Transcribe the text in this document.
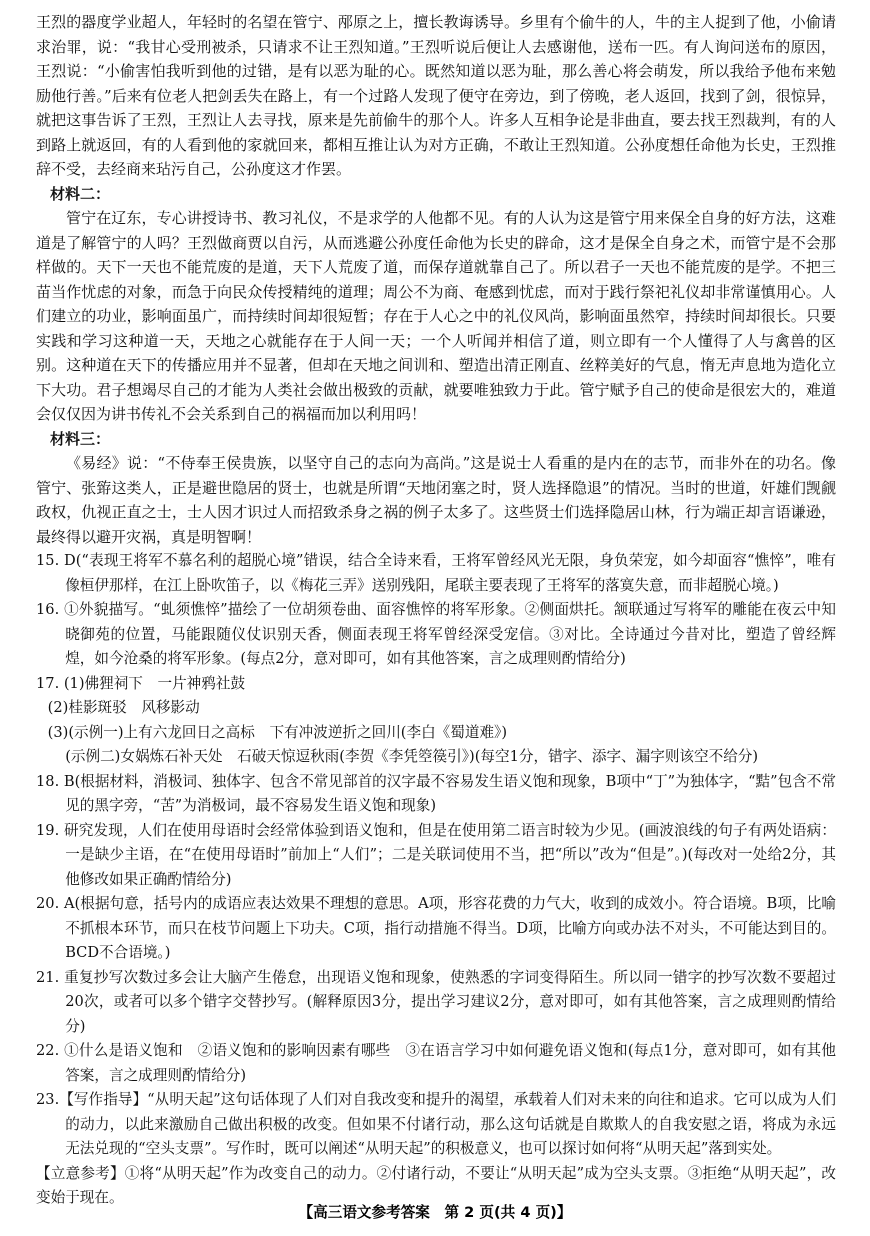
王烈的器度学业超人，年轻时的名望在管宁、邴原之上，擅长教诲诱导。乡里有个偷牛的人，牛的主人捉到了他，小偷请求治罪，说：“我甘心受刑被杀，只请求不让王烈知道。”王烈听说后便让人去感谢他，送布一匹。有人询问送布的原因，王烈说：“小偷害怕我听到他的过错，是有以恶为耻的心。既然知道以恶为耻，那么善心将会萌发，所以我给予他布来勉励他行善。”后来有位老人把剑丢失在路上，有一个过路人发现了便守在旁边，到了傍晚，老人返回，找到了剑，很惊异，就把这事告诉了王烈，王烈让人去寻找，原来是先前偷牛的那个人。许多人互相争论是非曲直，要去找王烈裁判，有的人到路上就返回，有的人看到他的家就回来，都相互推让认为对方正确，不敢让王烈知道。公孙度想任命他为长史，王烈推辞不受，去经商来玷污自己，公孙度这才作罢。

材料二：

管宁在辽东，专心讲授诗书、教习礼仪，不是求学的人他都不见。有的人认为这是管宁用来保全自身的好方法，这难道是了解管宁的人吗？王烈做商贾以自污，从而逃避公孙度任命他为长史的辟命，这才是保全自身之术，而管宁是不会那样做的。天下一天也不能荒废的是道，天下人荒废了道，而保存道就靠自己了。所以君子一天也不能荒废的是学。不把三苗当作忧虑的对象，而急于向民众传授精纯的道理；周公不为商、奄感到忧虑，而对于践行祭祀礼仪却非常谨慎用心。人们建立的功业，影响面虽广，而持续时间却很短暂；存在于人心之中的礼仪风尚，影响面虽然窄，持续时间却很长。只要实践和学习这种道一天，天地之心就能存在于人间一天；一个人听闻并相信了道，则立即有一个人懂得了人与禽兽的区别。这种道在天下的传播应用并不显著，但却在天地之间训和、塑造出清正刚直、丝粹美好的气息，惰无声息地为造化立下大功。君子想竭尽自己的才能为人类社会做出极致的贡献，就要唯独致力于此。管宁赋予自己的使命是很宏大的，难道会仅仅因为讲书传礼不会关系到自己的祸福而加以利用吗！

材料三：

《易经》说：“不侍奉王侯贵族，以坚守自己的志向为高尚。”这是说士人看重的是内在的志节，而非外在的功名。像管宁、张臶这类人，正是避世隐居的贤士，也就是所谓“天地闭塞之时，贤人选择隐退”的情况。当时的世道，奸雄们觊觎政权，仇视正直之士，士人因才识过人而招致杀身之祸的例子太多了。这些贤士们选择隐居山林，行为端正却言语谦逊，最终得以避开灾祸，真是明智啊！

15. D(“表现王将军不慕名利的超脱心境”错误，结合全诗来看，王将军曾经风光无限，身负荣宠，如今却面容“憔悴”，唯有像桓伊那样，在江上卧吹笛子，以《梅花三弄》送别残阳，尾联主要表现了王将军的落寞失意，而非超脱心境。)

16. ①外貌描写。“虬须憔悴”描绘了一位胡须卷曲、面容憔悴的将军形象。②侧面烘托。颔联通过写将军的雕能在夜云中知晓御苑的位置，马能跟随仪仗识别天香，侧面表现王将军曾经深受宠信。③对比。全诗通过今昔对比，塑造了曾经辉煌，如今沧桑的将军形象。(每点2分，意对即可，如有其他答案，言之成理则酌情给分)

17. (1)佛狸祠下　一片神鸦社鼓

(2)桂影斑驳　风移影动

(3)(示例一)上有六龙回日之高标　下有冲波逆折之回川(李白《蜀道难》)

(示例二)女娲炼石补天处　石破天惊逗秋雨(李贺《李凭箜篌引》)(每空1分，错字、添字、漏字则该空不给分)

18. B(根据材料，消极词、独体字、包含不常见部首的汉字最不容易发生语义饱和现象，B项中“丁”为独体字，“黠”包含不常见的黑字旁，“苦”为消极词，最不容易发生语义饱和现象)

19. 研究发现，人们在使用母语时会经常体验到语义饱和，但是在使用第二语言时较为少见。(画波浪线的句子有两处语病：一是缺少主语，在“在使用母语时”前加上“人们”；二是关联词使用不当，把“所以”改为“但是”。)(每改对一处给2分，其他修改如果正确酌情给分)

20. A(根据句意，括号内的成语应表达效果不理想的意思。A项，形容花费的力气大，收到的成效小。符合语境。B项，比喻不抓根本环节，而只在枝节问题上下功夫。C项，指行动措施不得当。D项，比喻方向或办法不对头，不可能达到目的。BCD不合语境。)

21. 重复抄写次数过多会让大脑产生倦怠，出现语义饱和现象，使熟悉的字词变得陌生。所以同一错字的抄写次数不要超过20次，或者可以多个错字交替抄写。(解释原因3分，提出学习建议2分，意对即可，如有其他答案，言之成理则酌情给分)

22. ①什么是语义饱和　②语义饱和的影响因素有哪些　③在语言学习中如何避免语义饱和(每点1分，意对即可，如有其他答案，言之成理则酌情给分)

23.【写作指导】“从明天起”这句话体现了人们对自我改变和提升的渴望，承载着人们对未来的向往和追求。它可以成为人们的动力，以此来激励自己做出积极的改变。但如果不付诸行动，那么这句话就是自欺欺人的自我安慰之语，将成为永远无法兑现的“空头支票”。写作时，既可以阐述“从明天起”的积极意义，也可以探讨如何将“从明天起”落到实处。

【立意参考】①将“从明天起”作为改变自己的动力。②付诸行动，不要让“从明天起”成为空头支票。③拒绝“从明天起”，改变始于现在。

【高三语文参考答案　第 2 页(共 4 页)】
